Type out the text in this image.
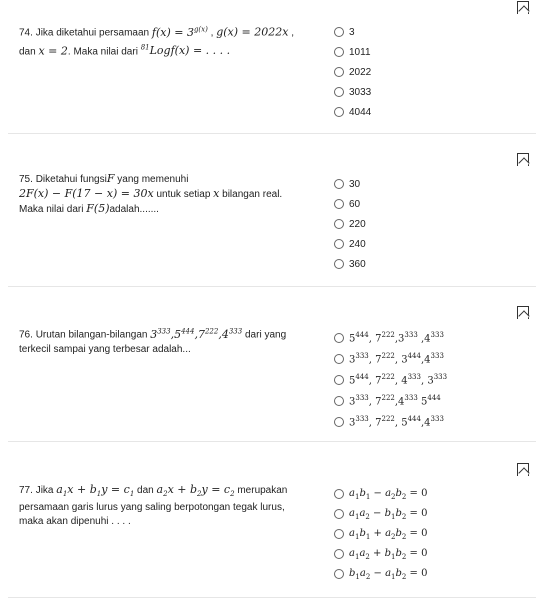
74. Jika diketahui persamaan $f(x) = 3^{g(x)}$ , g(x) = 2022x ,
dan x = 2. Maka nilai dari $^{81}$Logf(x) = . . . .
3
1011
2022
3033
4044
75. Diketahui fungsiF yang memenuhi
2F(x) − F(17 − x) = 30x untuk setiap x bilangan real.
Maka nilai dari F(5)adalah.......
30
60
220
240
360
76. Urutan bilangan-bilangan $3^{333},5^{444},7^{222},4^{333}$ dari yang
terkecil sampai yang terbesar adalah...
$5^{444}$, $7^{222},3^{333}$ $,4^{333}$
$3^{333}$, $7^{222}$, $3^{444},4^{333}$
$5^{444}$, $7^{222}$, $4^{333}$, $3^{333}$
$3^{333}$, $7^{222},4^{333}$ $5^{444}$
$3^{333}$, $7^{222}$, $5^{444},4^{333}$
77. Jika $a_1x + b_1y = c_1$ dan $a_2x + b_2y = c_2$ merupakan
persamaan garis lurus yang saling berpotongan tegak lurus,
maka akan dipenuhi . . . .
$a_1b_1 - a_2b_2 = 0$
$a_1a_2 - b_1b_2 = 0$
$a_1b_1 + a_2b_2 = 0$
$a_1a_2 + b_1b_2 = 0$
$b_1a_2 - a_1b_2 = 0$
